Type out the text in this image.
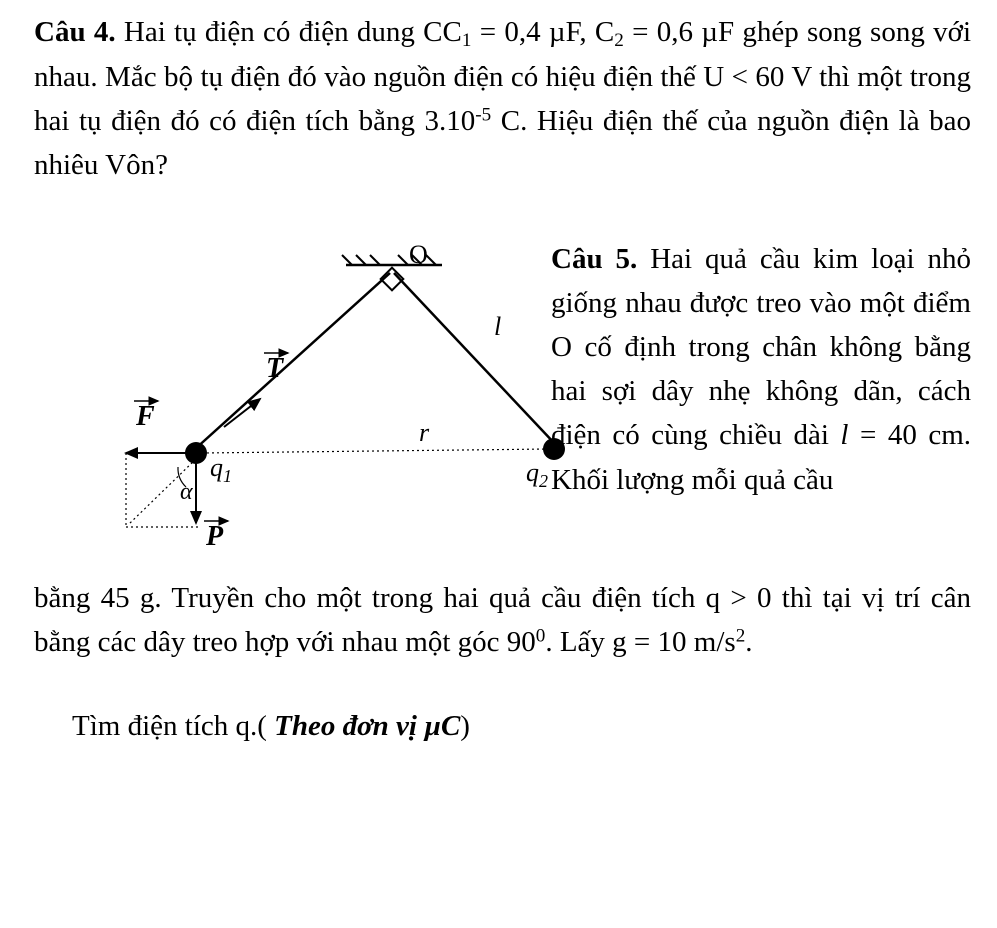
Câu 4. Hai tụ điện có điện dung $CC_1 = 0,4$ µF, $C_2 = 0,6$ µF ghép song song với nhau. Mắc bộ tụ điện đó vào nguồn điện có hiệu điện thế U < 60 V thì một trong hai tụ điện đó có điện tích bằng $3.10^{-5}$ C. Hiệu điện thế của nguồn điện là bao nhiêu Vôn?
O
l
r
T
F
P
$q_1$	$q_2$
α
Câu 5. Hai quả cầu kim loại nhỏ giống nhau được treo vào một điểm O cố định trong chân không bằng hai sợi dây nhẹ không dãn, cách điện có cùng chiều dài l = 40 cm. Khối lượng mỗi quả cầu
bằng 45 g. Truyền cho một trong hai quả cầu điện tích q > 0 thì tại vị trí cân bằng các dây treo hợp với nhau một góc $90^0$. Lấy g = 10 $m/s^2$.
Tìm điện tích q.( Theo đơn vị µC)
